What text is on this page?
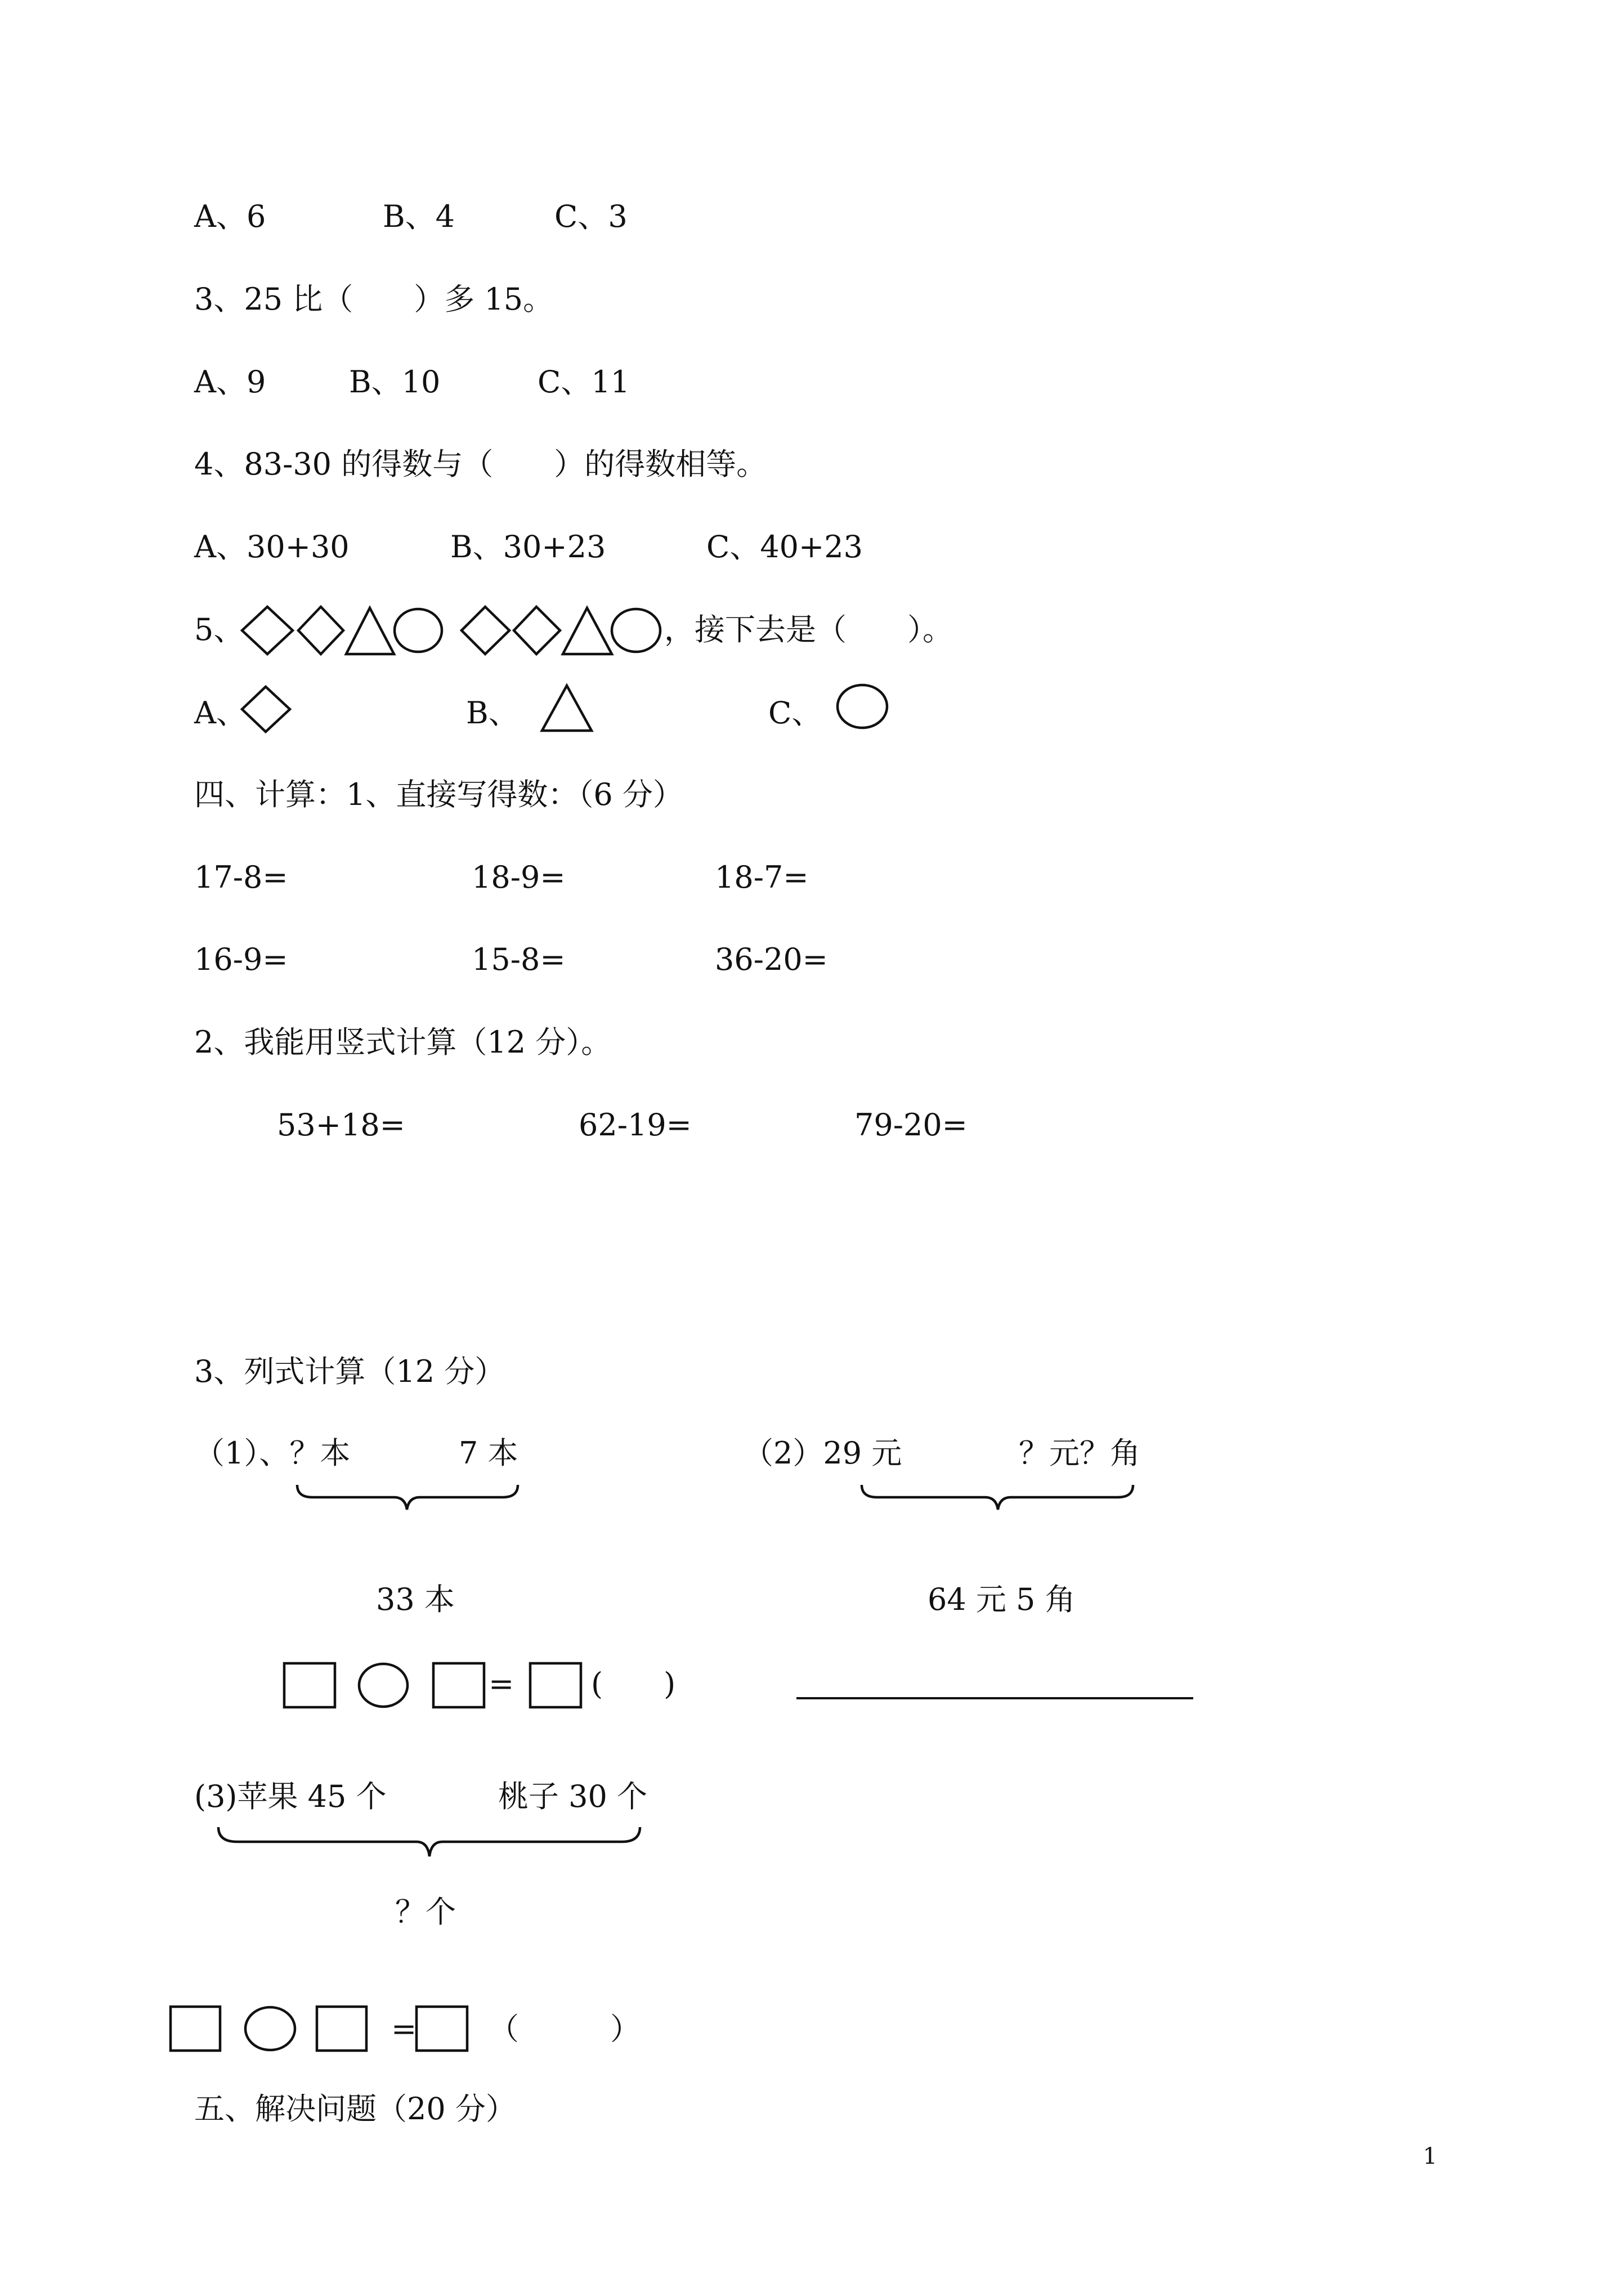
A、6	B、4	C、3
3、25 比（　　）多 15。
A、9	B、10	C、11
4、83-30 的得数与（　　）的得数相等。
A、30+30	B、30+23	C、40+23
5、	，接下去是（　　）。
A、	B、	C、
四、计算：1、直接写得数：（6 分）
17-8=	18-9=	18-7=
16-9=	15-8=	36-20=
2、我能用竖式计算（12 分）。
53+18=	62-19=	79-20=
3、列式计算（12 分）
（1）、？本	7 本
33 本
=	(　　)
（2）29 元	？元？角
64 元 5 角
(3)苹果 45 个	桃子 30 个
？个
= （　　　）
五、解决问题（20 分）
1
